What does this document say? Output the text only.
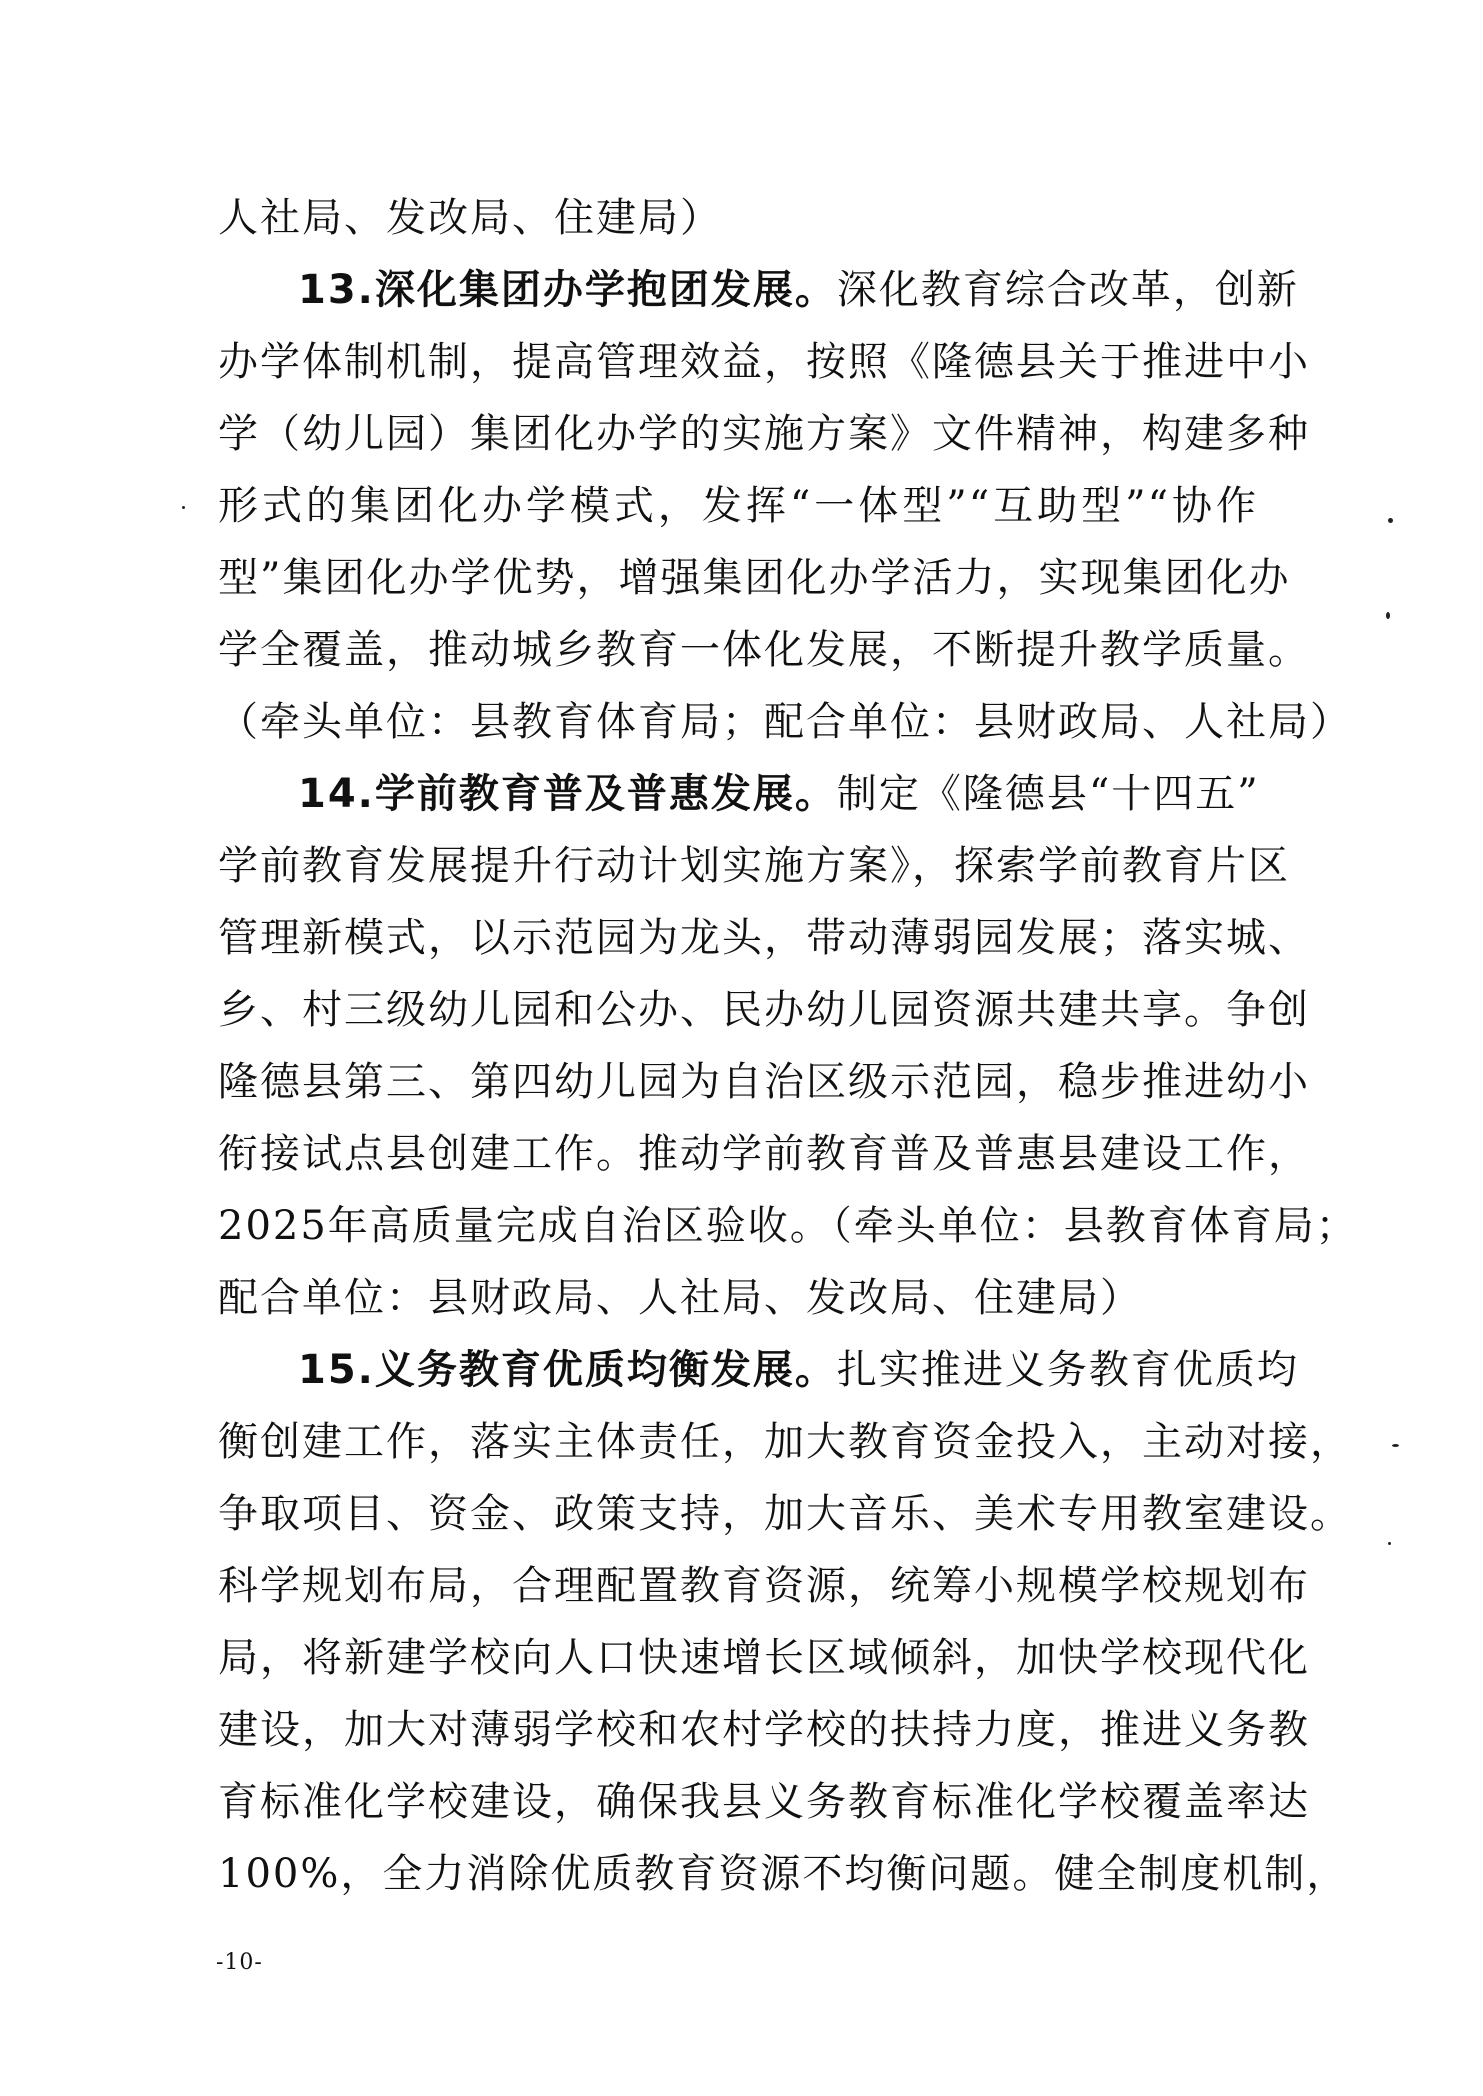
人社局、发改局、住建局）
13.深化集团办学抱团发展。深化教育综合改革，创新
办学体制机制，提高管理效益，按照《隆德县关于推进中小
学（幼儿园）集团化办学的实施方案》文件精神，构建多种
形式的集团化办学模式，发挥“一体型”“互助型”“协作
型”集团化办学优势，增强集团化办学活力，实现集团化办
学全覆盖，推动城乡教育一体化发展，不断提升教学质量。
（牵头单位：县教育体育局；配合单位：县财政局、人社局）
14.学前教育普及普惠发展。制定《隆德县“十四五”
学前教育发展提升行动计划实施方案》，探索学前教育片区
管理新模式，以示范园为龙头，带动薄弱园发展；落实城、
乡、村三级幼儿园和公办、民办幼儿园资源共建共享。争创
隆德县第三、第四幼儿园为自治区级示范园，稳步推进幼小
衔接试点县创建工作。推动学前教育普及普惠县建设工作，
2025年高质量完成自治区验收。（牵头单位：县教育体育局；
配合单位：县财政局、人社局、发改局、住建局）
15.义务教育优质均衡发展。扎实推进义务教育优质均
衡创建工作，落实主体责任，加大教育资金投入，主动对接，
争取项目、资金、政策支持，加大音乐、美术专用教室建设。
科学规划布局，合理配置教育资源，统筹小规模学校规划布
局，将新建学校向人口快速增长区域倾斜，加快学校现代化
建设，加大对薄弱学校和农村学校的扶持力度，推进义务教
育标准化学校建设，确保我县义务教育标准化学校覆盖率达
100%，全力消除优质教育资源不均衡问题。健全制度机制，
-10-
